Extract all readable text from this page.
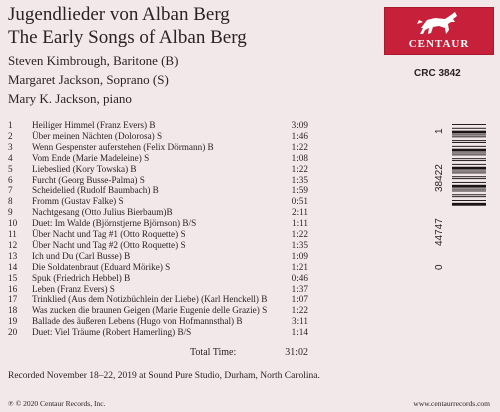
Jugendlieder von Alban Berg
The Early Songs of Alban Berg
Steven Kimbrough, Baritone (B)
Margaret Jackson, Soprano (S)
Mary K. Jackson, piano
CENTAUR
CRC 3842
1	Heiliger Himmel (Franz Evers) B	3:09
2	Über meinen Nächten (Dolorosa) S	1:46
3	Wenn Gespenster auferstehen (Felix Dörmann) B	1:22
4	Vom Ende (Marie Madeleine) S	1:08
5	Liebeslied (Kory Towska) B	1:22
6	Furcht (Georg Busse-Palma) S	1:35
7	Scheidelied (Rudolf Baumbach) B	1:59
8	Fromm (Gustav Falke) S	0:51
9	Nachtgesang (Otto Julius Bierbaum)B	2:11
10	Duet: Im Walde (Björnstjerne Björnson) B/S	1:11
11	Über Nacht und Tag #1 (Otto Roquette) S	1:22
12	Über Nacht und Tag #2 (Otto Roquette) S	1:35
13	Ich und Du (Carl Busse) B	1:09
14	Die Soldatenbraut (Eduard Mörike) S	1:21
15	Spuk (Friedrich Hebbel) B	0:46
16	Leben (Franz Evers) S	1:37
17	Trinklied (Aus dem Notizbüchlein der Liebe) (Karl Henckell) B	1:07
18	Was zucken die braunen Geigen (Marie Eugenie delle Grazie) S	1:22
19	Ballade des äußeren Lebens (Hugo von Hofmannsthal) B	3:11
20	Duet: Viel Träume (Robert Hamerling) B/S	1:14
Total Time:	31:02
Recorded November 18–22, 2019 at Sound Pure Studio, Durham, North Carolina.
℗ © 2020 Centaur Records, Inc.	www.centaurrecords.com
0
44747
38422
1
